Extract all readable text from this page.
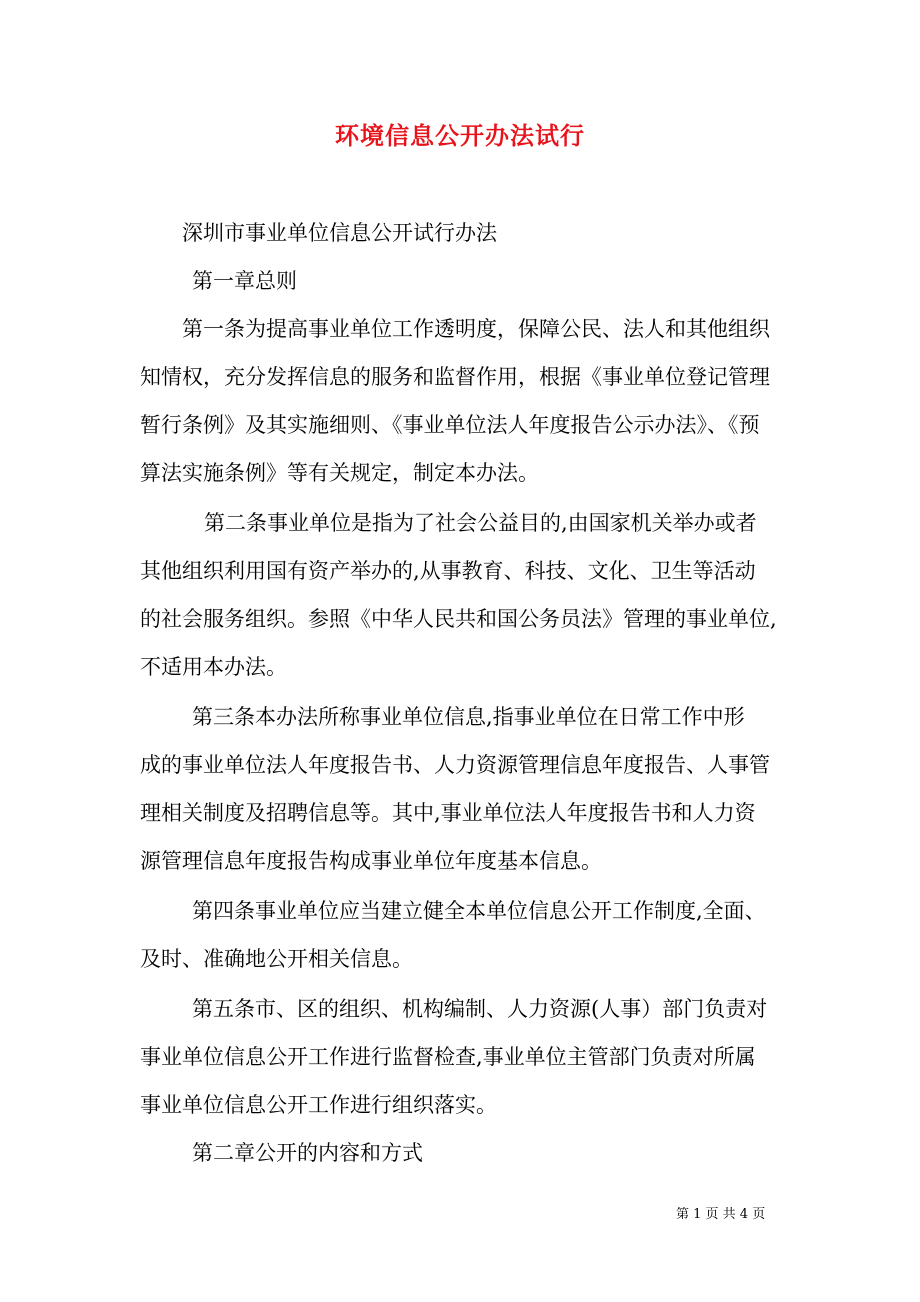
环境信息公开办法试行
深圳市事业单位信息公开试行办法
第一章总则
第一条为提高事业单位工作透明度，保障公民、法人和其他组织
知情权，充分发挥信息的服务和监督作用，根据《事业单位登记管理
暂行条例》及其实施细则、《事业单位法人年度报告公示办法》、《预
算法实施条例》等有关规定，制定本办法。
第二条事业单位是指为了社会公益目的,由国家机关举办或者
其他组织利用国有资产举办的,从事教育、科技、文化、卫生等活动
的社会服务组织。参照《中华人民共和国公务员法》管理的事业单位,
不适用本办法。
第三条本办法所称事业单位信息,指事业单位在日常工作中形
成的事业单位法人年度报告书、人力资源管理信息年度报告、人事管
理相关制度及招聘信息等。其中,事业单位法人年度报告书和人力资
源管理信息年度报告构成事业单位年度基本信息。
第四条事业单位应当建立健全本单位信息公开工作制度,全面、
及时、准确地公开相关信息。
第五条市、区的组织、机构编制、人力资源(人事）部门负责对
事业单位信息公开工作进行监督检查,事业单位主管部门负责对所属
事业单位信息公开工作进行组织落实。
第二章公开的内容和方式
第 1 页 共 4 页
